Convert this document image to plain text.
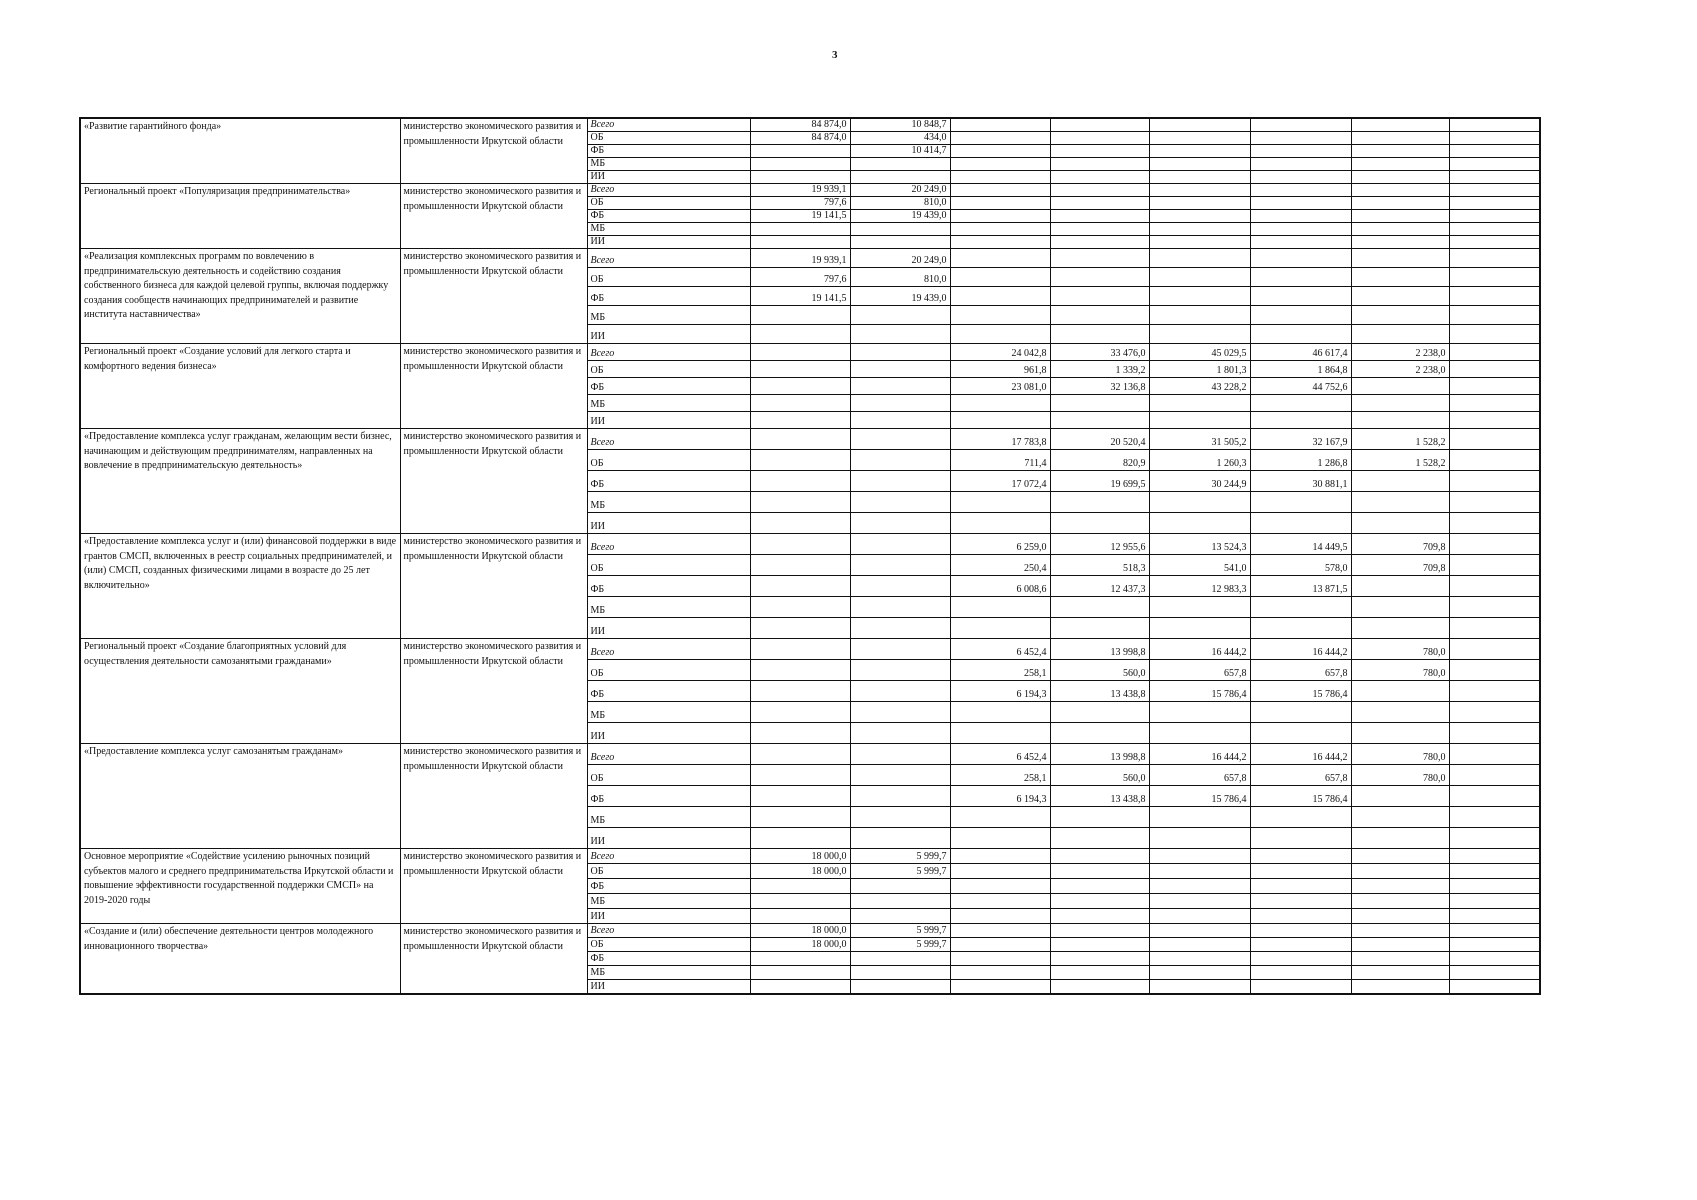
3
«Развитие гарантийного фонда»	министерство экономического развития и промышленности Иркутской области	Всего	84 874,0	10 848,7						
		ОБ	84 874,0	434,0						
		ФБ		10 414,7						
		МБ								
		ИИ								
Региональный проект «Популяризация предпринимательства»	министерство экономического развития и промышленности Иркутской области	Всего	19 939,1	20 249,0						
		ОБ	797,6	810,0						
		ФБ	19 141,5	19 439,0						
		МБ								
		ИИ								
«Реализация комплексных программ по вовлечению в предпринимательскую деятельность и содействию создания собственного бизнеса для каждой целевой группы, включая поддержку создания сообществ начинающих предпринимателей и развитие института наставничества»	министерство экономического развития и промышленности Иркутской области	Всего	19 939,1	20 249,0						
		ОБ	797,6	810,0						
		ФБ	19 141,5	19 439,0						
		МБ								
		ИИ								
Региональный проект «Создание условий для легкого старта и комфортного ведения бизнеса»	министерство экономического развития и промышленности Иркутской области	Всего			24 042,8	33 476,0	45 029,5	46 617,4	2 238,0	
		ОБ			961,8	1 339,2	1 801,3	1 864,8	2 238,0	
		ФБ			23 081,0	32 136,8	43 228,2	44 752,6		
		МБ								
		ИИ								
«Предоставление комплекса услуг гражданам, желающим вести бизнес, начинающим и действующим предпринимателям, направленных на вовлечение в предпринимательскую деятельность»	министерство экономического развития и промышленности Иркутской области	Всего			17 783,8	20 520,4	31 505,2	32 167,9	1 528,2	
		ОБ			711,4	820,9	1 260,3	1 286,8	1 528,2	
		ФБ			17 072,4	19 699,5	30 244,9	30 881,1		
		МБ								
		ИИ								
«Предоставление комплекса услуг и (или) финансовой поддержки в виде грантов СМСП, включенных в реестр социальных предпринимателей, и (или) СМСП, созданных физическими лицами в возрасте до 25 лет включительно»	министерство экономического развития и промышленности Иркутской области	Всего			6 259,0	12 955,6	13 524,3	14 449,5	709,8	
		ОБ			250,4	518,3	541,0	578,0	709,8	
		ФБ			6 008,6	12 437,3	12 983,3	13 871,5		
		МБ								
		ИИ								
Региональный проект «Создание благоприятных условий для осуществления деятельности самозанятыми гражданами»	министерство экономического развития и промышленности Иркутской области	Всего			6 452,4	13 998,8	16 444,2	16 444,2	780,0	
		ОБ			258,1	560,0	657,8	657,8	780,0	
		ФБ			6 194,3	13 438,8	15 786,4	15 786,4		
		МБ								
		ИИ								
«Предоставление комплекса услуг самозанятым гражданам»	министерство экономического развития и промышленности Иркутской области	Всего			6 452,4	13 998,8	16 444,2	16 444,2	780,0	
		ОБ			258,1	560,0	657,8	657,8	780,0	
		ФБ			6 194,3	13 438,8	15 786,4	15 786,4		
		МБ								
		ИИ								
Основное мероприятие «Содействие усилению рыночных позиций субъектов малого и среднего предпринимательства Иркутской области и повышение эффективности государственной поддержки СМСП» на 2019-2020 годы	министерство экономического развития и промышленности Иркутской области	Всего	18 000,0	5 999,7						
		ОБ	18 000,0	5 999,7						
		ФБ								
		МБ								
		ИИ								
«Создание и (или) обеспечение деятельности центров молодежного инновационного творчества»	министерство экономического развития и промышленности Иркутской области	Всего	18 000,0	5 999,7						
		ОБ	18 000,0	5 999,7						
		ФБ								
		МБ								
		ИИ								
